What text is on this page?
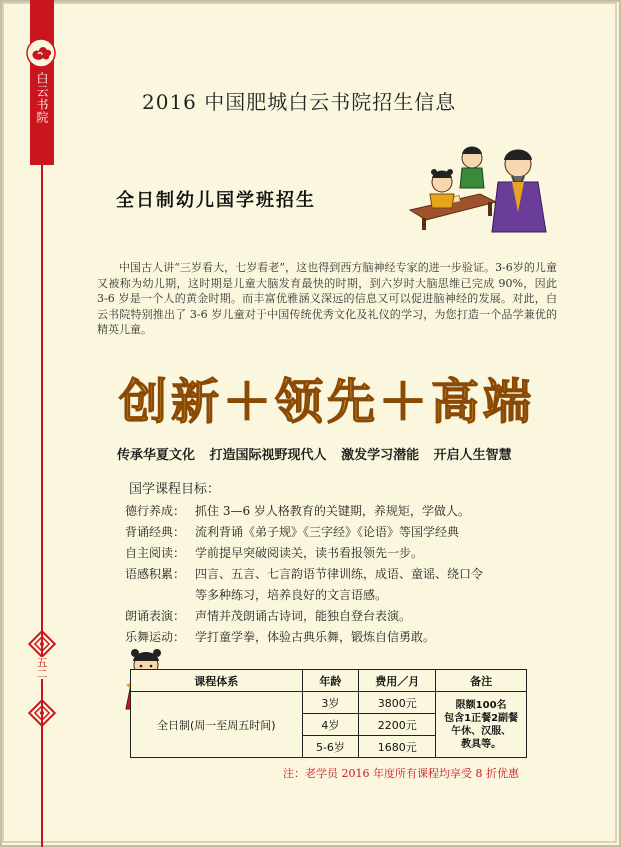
白云书院
五二
2016 中国肥城白云书院招生信息
全日制幼儿国学班招生
中国古人讲“三岁看大，七岁看老”，这也得到西方脑神经专家的进一步验证。3-6岁的儿童又被称为幼儿期，这时期是儿童大脑发育最快的时期，到六岁时大脑思维已完成 90%，因此 3-6 岁是一个人的黄金时期。而丰富优雅涵义深远的信息又可以促进脑神经的发展。对此，白云书院特别推出了 3-6 岁儿童对于中国传统优秀文化及礼仪的学习，为您打造一个品学兼优的精英儿童。
创新＋领先＋高端
传承华夏文化 打造国际视野现代人 激发学习潜能 开启人生智慧
国学课程目标：
德行养成： 抓住 3—6 岁人格教育的关键期，养规矩，学做人。
背诵经典： 流利背诵《弟子规》《三字经》《论语》等国学经典
自主阅读： 学前提早突破阅读关，读书看报领先一步。
语感积累： 四言、五言、七言韵语节律训练，成语、童谣、绕口令
等多种练习，培养良好的文言语感。
朗诵表演： 声情并茂朗诵古诗词，能独自登台表演。
乐舞运动： 学打童学拳，体验古典乐舞，锻炼自信勇敢。
课程体系	年龄	费用／月	备注
全日制(周一至周五时间)	3岁	3800元	限额100名
包含1正餐2副餐
午休、汉服、
教具等。

	4岁	2200元	
	5-6岁	1680元	
注：老学员 2016 年度所有课程均享受 8 折优惠
